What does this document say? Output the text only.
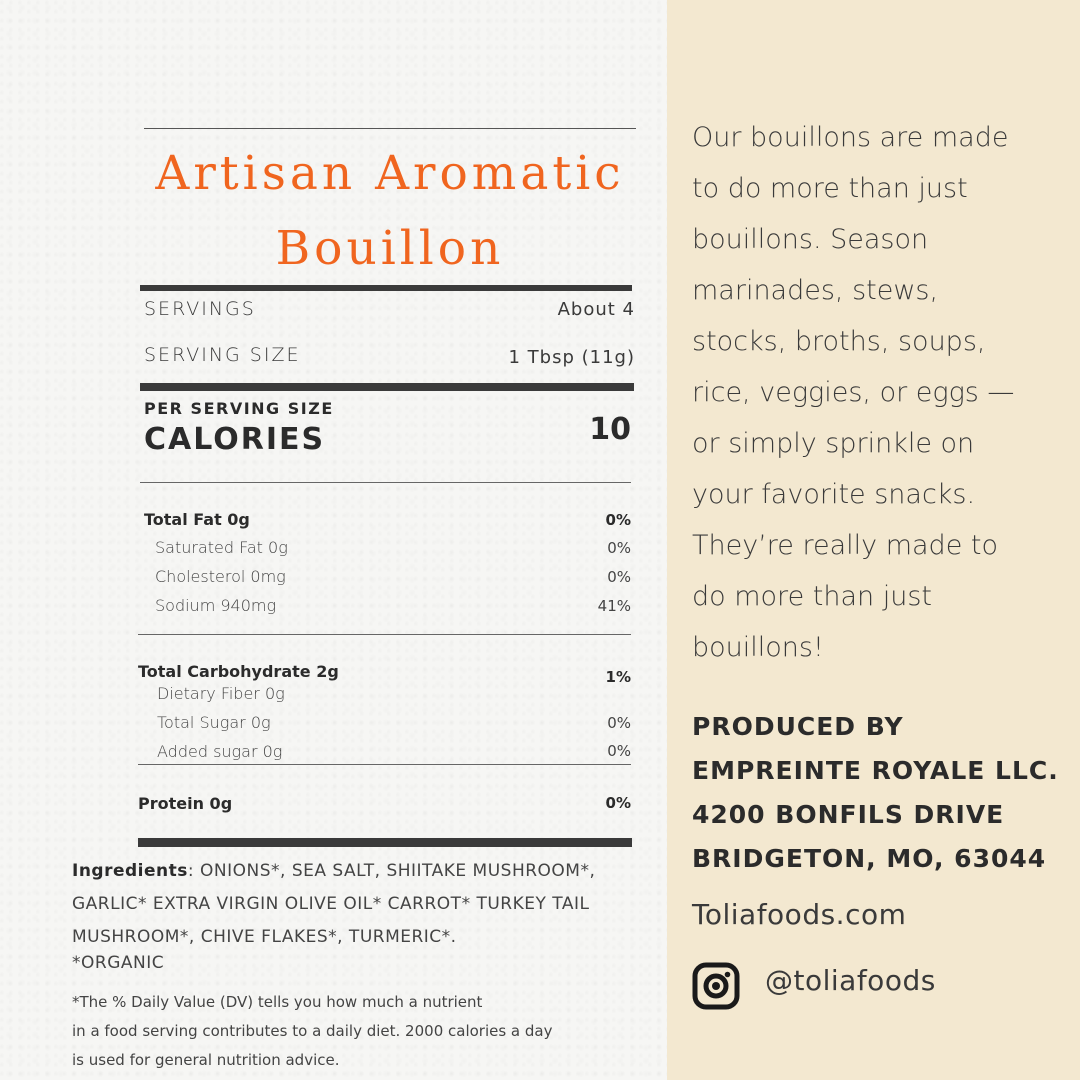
Artisan Aromatic
Bouillon
SERVINGS	About 4
SERVING SIZE	1 Tbsp (11g)
PER SERVING SIZE
CALORIES	10
Total Fat 0g	0%
Saturated Fat 0g	0%
Cholesterol 0mg	0%
Sodium 940mg	41%
Total Carbohydrate 2g	1%
Dietary Fiber 0g
Total Sugar 0g	0%
Added sugar 0g	0%
Protein 0g	0%
Ingredients: ONIONS*, SEA SALT, SHIITAKE MUSHROOM*, GARLIC* EXTRA VIRGIN OLIVE OIL* CARROT* TURKEY TAIL MUSHROOM*, CHIVE FLAKES*, TURMERIC*.
*ORGANIC
*The % Daily Value (DV) tells you how much a nutrient
in a food serving contributes to a daily diet. 2000 calories a day
is used for general nutrition advice.
Our bouillons are made
to do more than just
bouillons. Season
marinades, stews,
stocks, broths, soups,
rice, veggies, or eggs —
or simply sprinkle on
your favorite snacks.
They’re really made to
do more than just
bouillons!
PRODUCED BY
EMPREINTE ROYALE LLC.
4200 BONFILS DRIVE
BRIDGETON, MO, 63044
Toliafoods.com
@toliafoods
